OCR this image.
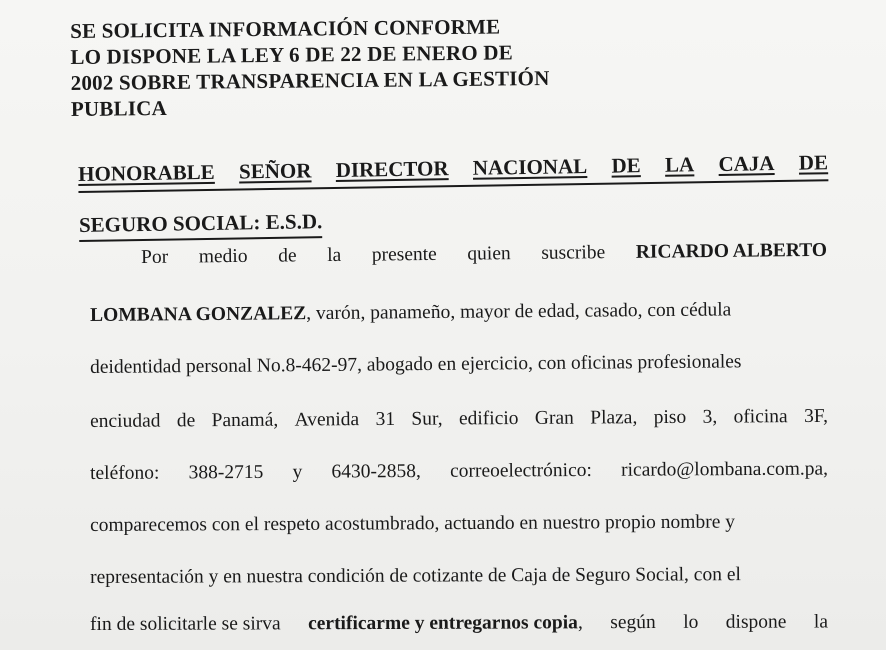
SE SOLICITA INFORMACIÓN CONFORME
LO DISPONE LA LEY 6 DE 22 DE ENERO DE
2002 SOBRE TRANSPARENCIA EN LA GESTIÓN
PUBLICA
HONORABLE SEÑOR DIRECTOR NACIONAL DE LA CAJA DE
SEGURO SOCIAL: E.S.D.
Por medio de la presente quien suscribe RICARDO ALBERTO
LOMBANA GONZALEZ, varón, panameño, mayor de edad, casado, con cédula
deidentidad personal No.8-462-97, abogado en ejercicio, con oficinas profesionales
enciudad de Panamá, Avenida 31 Sur, edificio Gran Plaza, piso 3, oficina 3F,
teléfono: 388-2715 y 6430-2858, correoelectrónico: ricardo@lombana.com.pa,
comparecemos con el respeto acostumbrado, actuando en nuestro propio nombre y
representación y en nuestra condición de cotizante de Caja de Seguro Social, con el
fin de solicitarle se sirva certificarme y entregarnos copia, según lo dispone la
